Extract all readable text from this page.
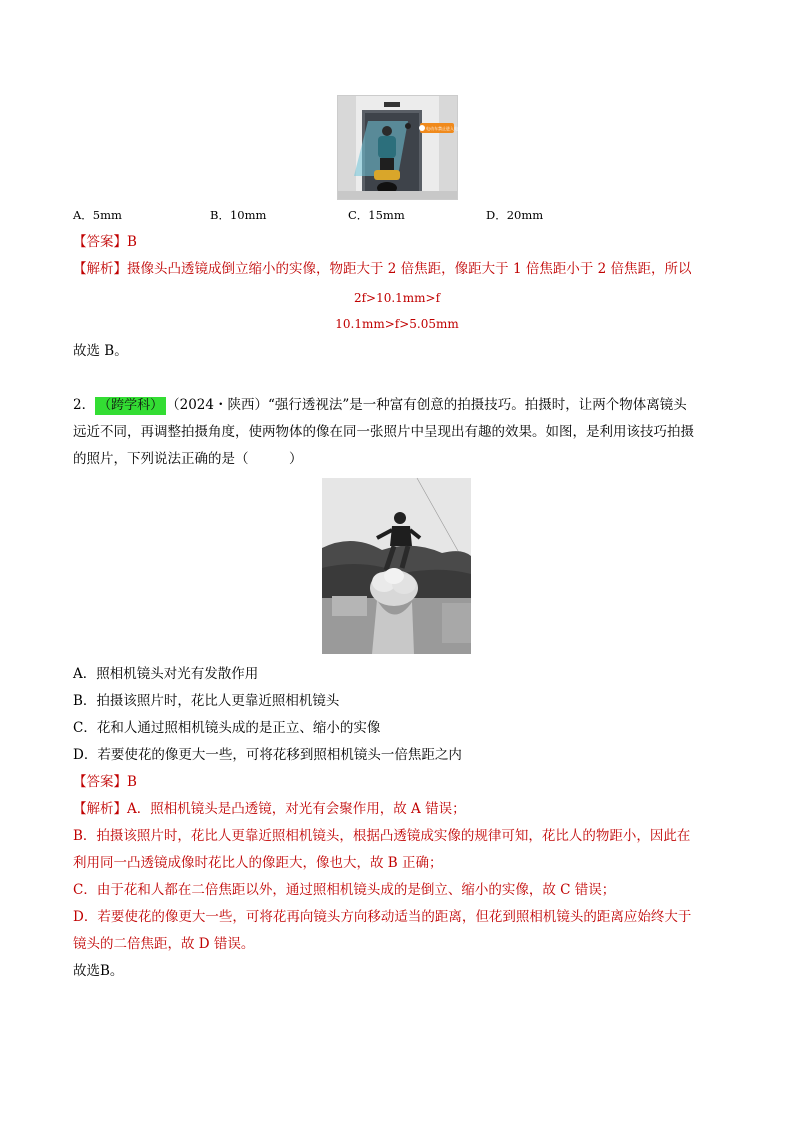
电动车禁止进入电梯
A．5mm	B．10mm	C．15mm	D．20mm
【答案】B
【解析】摄像头凸透镜成倒立缩小的实像，物距大于 2 倍焦距，像距大于 1 倍焦距小于 2 倍焦距，所以
2f>10.1mm>f
10.1mm>f>5.05mm
故选 B。
2． （跨学科） （2024・陕西）“强行透视法”是一种富有创意的拍摄技巧。拍摄时，让两个物体离镜头
远近不同，再调整拍摄角度，使两物体的像在同一张照片中呈现出有趣的效果。如图，是利用该技巧拍摄
的照片，下列说法正确的是（　　　）
A．照相机镜头对光有发散作用
B．拍摄该照片时，花比人更靠近照相机镜头
C．花和人通过照相机镜头成的是正立、缩小的实像
D．若要使花的像更大一些，可将花移到照相机镜头一倍焦距之内
【答案】B
【解析】A．照相机镜头是凸透镜，对光有会聚作用，故 A 错误；
B．拍摄该照片时，花比人更靠近照相机镜头，根据凸透镜成实像的规律可知，花比人的物距小，因此在
利用同一凸透镜成像时花比人的像距大，像也大，故 B 正确；
C．由于花和人都在二倍焦距以外，通过照相机镜头成的是倒立、缩小的实像，故 C 错误；
D．若要使花的像更大一些，可将花再向镜头方向移动适当的距离，但花到照相机镜头的距离应始终大于
镜头的二倍焦距，故 D 错误。
故选B。
